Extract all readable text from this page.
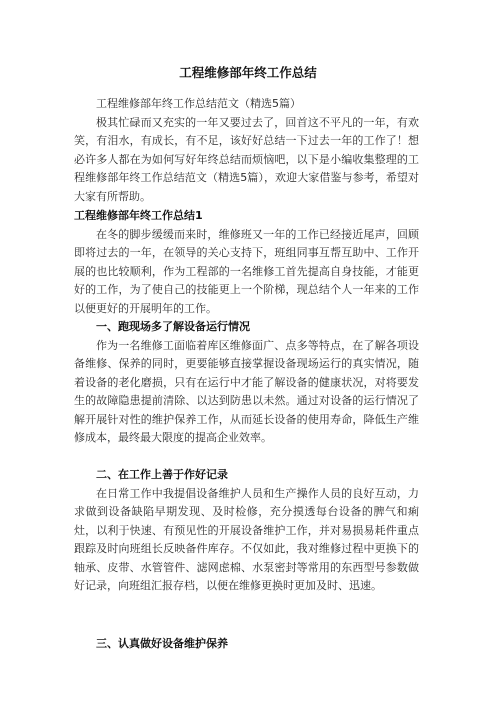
工程维修部年终工作总结

工程维修部年终工作总结范文（精选5篇）

极其忙碌而又充实的一年又要过去了，回首这不平凡的一年，有欢笑，有泪水，有成长，有不足，该好好总结一下过去一年的工作了！想必许多人都在为如何写好年终总结而烦恼吧，以下是小编收集整理的工程维修部年终工作总结范文（精选5篇），欢迎大家借鉴与参考，希望对大家有所帮助。

工程维修部年终工作总结1

在冬的脚步缓缓而来时，维修班又一年的工作已经接近尾声，回顾即将过去的一年，在领导的关心支持下，班组同事互帮互助中、工作开展的也比较顺利，作为工程部的一名维修工首先提高自身技能，才能更好的工作，为了使自己的技能更上一个阶梯，现总结个人一年来的工作以便更好的开展明年的工作。

一、跑现场多了解设备运行情况

作为一名维修工面临着库区维修面广、点多等特点，在了解各项设备维修、保养的同时，更要能够直接掌握设备现场运行的真实情况，随着设备的老化磨损，只有在运行中才能了解设备的健康状况，对将要发生的故障隐患提前清除、以达到防患以未然。通过对设备的运行情况了解开展针对性的维护保养工作，从而延长设备的使用寿命，降低生产维修成本，最终最大限度的提高企业效率。

二、在工作上善于作好记录

在日常工作中我提倡设备维护人员和生产操作人员的良好互动，力求做到设备缺陷早期发现、及时检修，充分摸透每台设备的脾气和痢灶，以利于快速、有预见性的开展设备维护工作，并对易损易耗件重点跟踪及时向班组长反映备件库存。不仅如此，我对维修过程中更换下的轴承、皮带、水管管件、滤网虑棉、水泵密封等常用的东西型号参数做好记录，向班组汇报存档，以便在维修更换时更加及时、迅速。

三、认真做好设备维护保养
